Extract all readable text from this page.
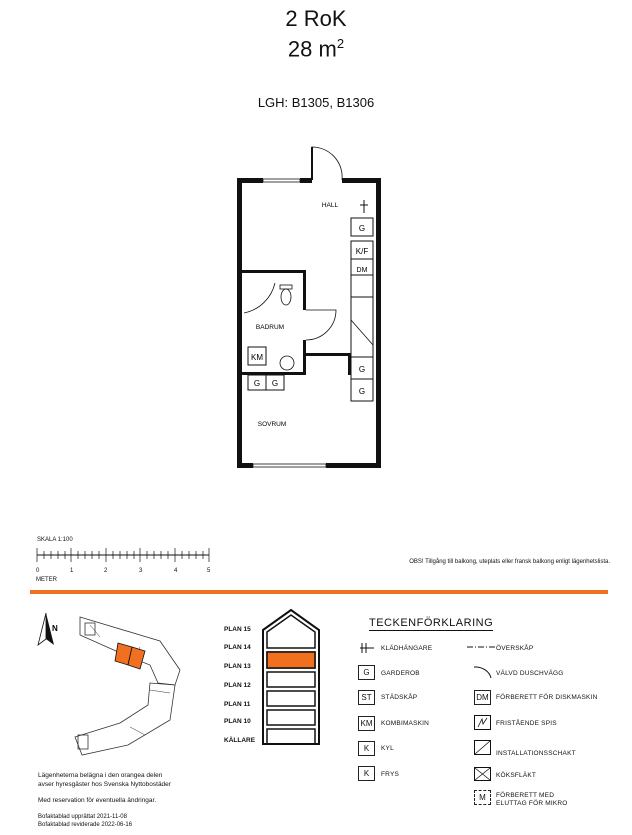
2 RoK
28 $m^2$
LGH: B1305, B1306
KM
G G
G
K/F
DM
G
G
HALL
BADRUM
SOVRUM
SKALA 1:100
0	1	2	3	4	5
METER
OBS! Tillgång till balkong, uteplats eller fransk balkong enligt lägenhetslista.
N	PLAN 15
PLAN 14
PLAN 13
PLAN 12
PLAN 11
PLAN 10
KÄLLARE
TECKENFÖRKLARING
KLÄDHÄNGARE
G	GARDEROB
ST	STÄDSKÅP
KM	KOMBIMASKIN
K	KYL
K	FRYS
ÖVERSKÅP
VÄLVD DUSCHVÄGG
DM	FÖRBERETT FÖR DISKMASKIN
FRISTÅENDE SPIS
INSTALLATIONSSCHAKT
KÖKSFLÄKT
M	FÖRBERETT MED
ELUTTAG FÖR MIKRO
Lägenheterna belägna i den orangea delen
avser hyresgäster hos Svenska Nyttobostäder
Med reservation för eventuella ändringar.
Bofaktablad upprättat 2021-11-08
Bofaktablad reviderade 2022-06-16
